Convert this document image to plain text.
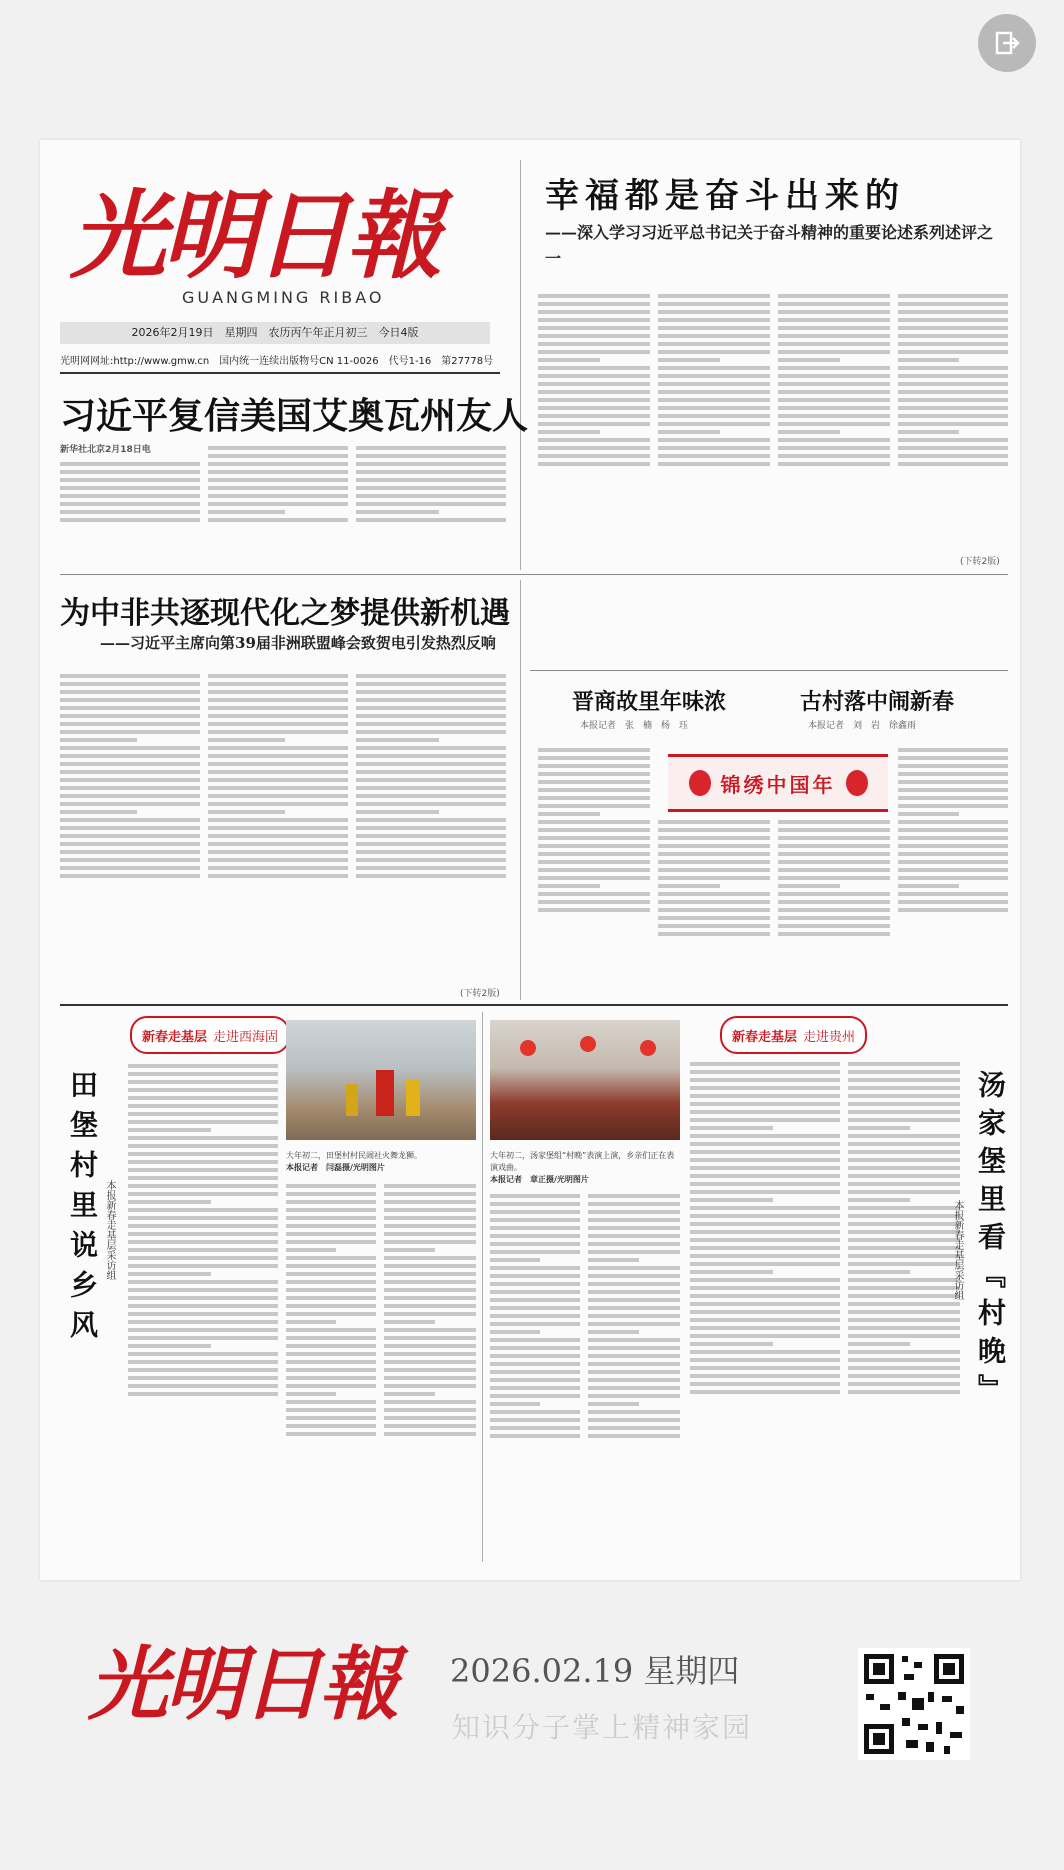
光明日報
GUANGMING RIBAO
2026年2月19日　星期四　农历丙午年正月初三　今日4版
光明网网址:http://www.gmw.cn　国内统一连续出版物号CN 11-0026　代号1-16　第27778号
幸福都是奋斗出来的
——深入学习习近平总书记关于奋斗精神的重要论述系列述评之一
(下转2版)
习近平复信美国艾奥瓦州友人
新华社北京2月18日电
为中非共逐现代化之梦提供新机遇
——习近平主席向第39届非洲联盟峰会致贺电引发热烈反响
(下转2版)
晋商故里年味浓
本报记者　张　楠　杨　珏
古村落中闹新春
本报记者　刘　岩　徐鑫雨
锦绣中国年
新春走基层 走进西海固
田堡村里说乡风 本报新春走基层采访组
大年初二，田堡村村民闹社火舞龙狮。
本报记者　闫磊摄/光明图片
大年初二，汤家堡组“村晚”表演上演，乡亲们正在表演戏曲。
本报记者　章正摄/光明图片
新春走基层 走进贵州
汤家堡里看『村晚』
本报新春走基层采访组
光明日報 2026.02.19 星期四
知识分子掌上精神家园
